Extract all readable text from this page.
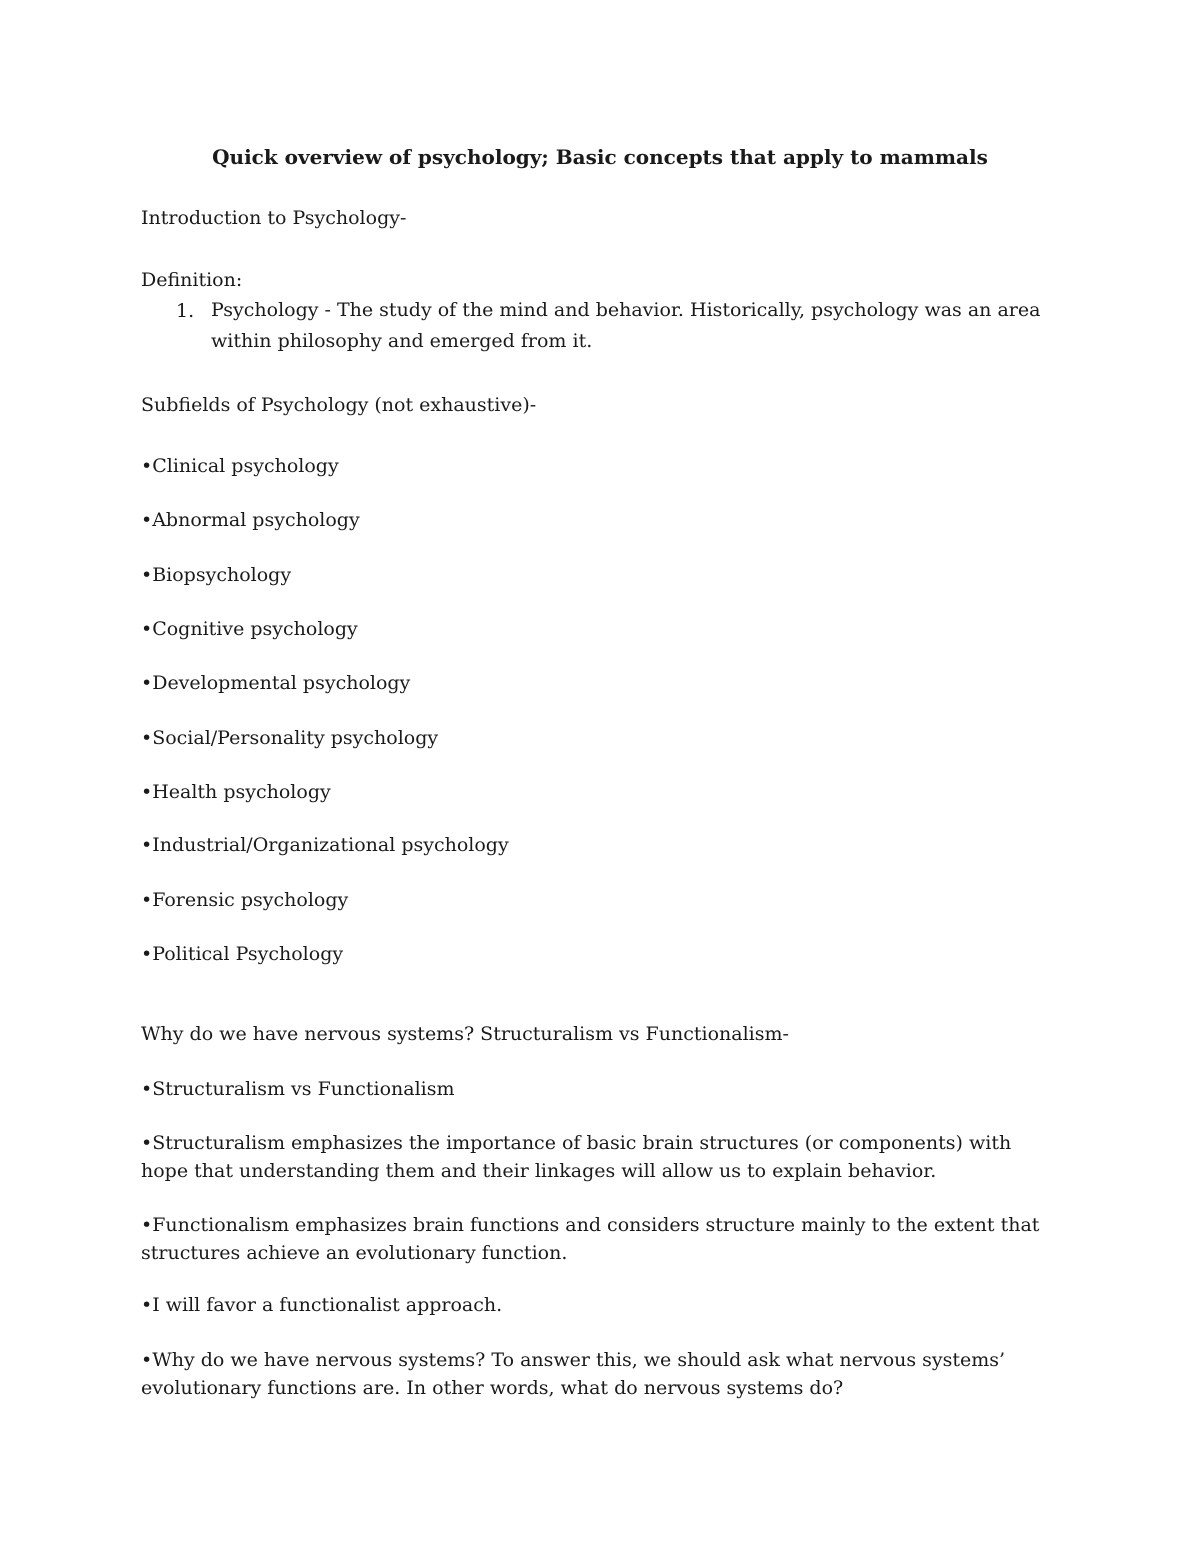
Quick overview of psychology; Basic concepts that apply to mammals
Introduction to Psychology-
Definition:
1. Psychology - The study of the mind and behavior. Historically, psychology was an area within philosophy and emerged from it.
Subfields of Psychology (not exhaustive)-
•Clinical psychology
•Abnormal psychology
•Biopsychology
•Cognitive psychology
•Developmental psychology
•Social/Personality psychology
•Health psychology
•Industrial/Organizational psychology
•Forensic psychology
•Political Psychology
Why do we have nervous systems? Structuralism vs Functionalism-
•Structuralism vs Functionalism
•Structuralism emphasizes the importance of basic brain structures (or components) with hope that understanding them and their linkages will allow us to explain behavior.
•Functionalism emphasizes brain functions and considers structure mainly to the extent that structures achieve an evolutionary function.
•I will favor a functionalist approach.
•Why do we have nervous systems? To answer this, we should ask what nervous systems’ evolutionary functions are. In other words, what do nervous systems do?
